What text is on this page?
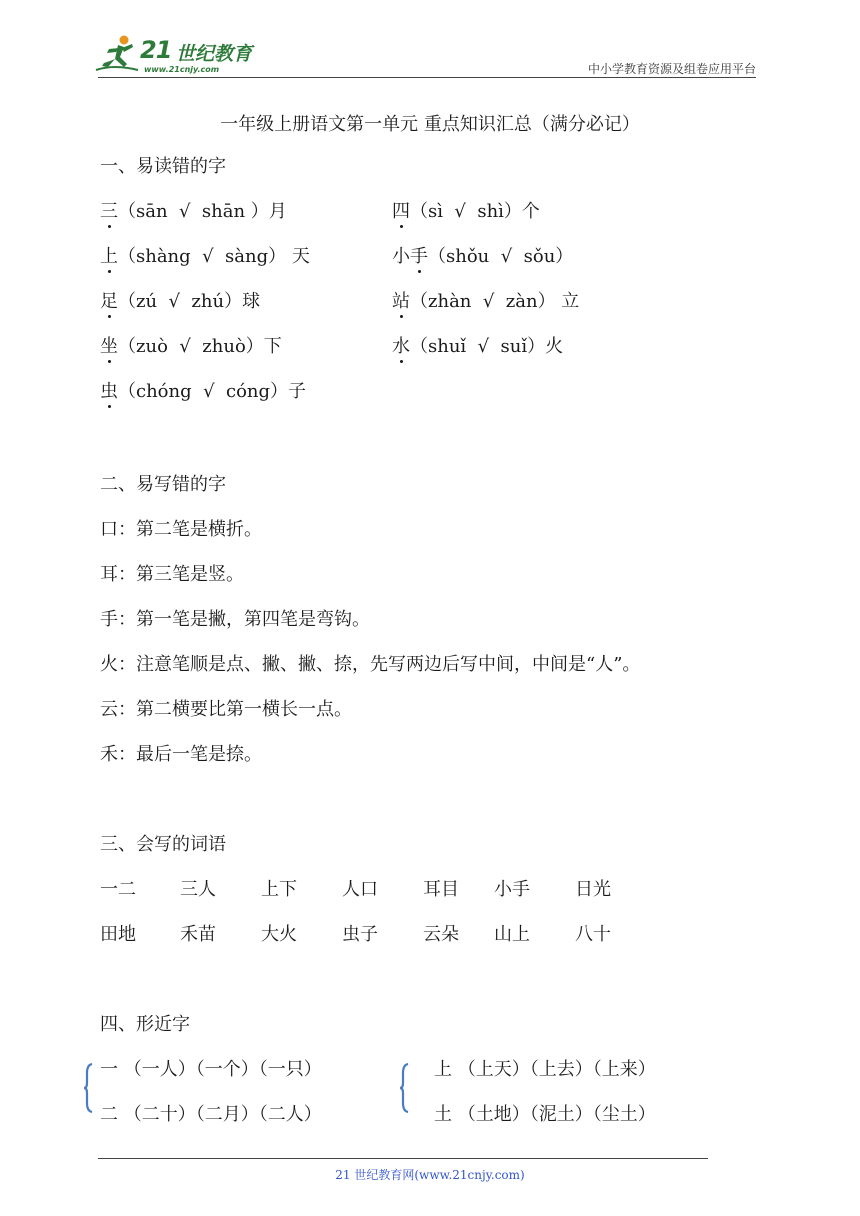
21 世纪教育
www.21cnjy.com	中小学教育资源及组卷应用平台
一年级上册语文第一单元 重点知识汇总（满分必记）
一、易读错的字
三（sān  √  shān ）月	四（sì  √  shì）个
上（shàng  √  sàng） 天	小手（shǒu  √  sǒu）
足（zú  √  zhú）球	站（zhàn  √  zàn） 立
坐（zuò  √  zhuò）下	水（shuǐ  √  suǐ）火
虫（chóng  √  cóng）子
二、易写错的字
口：第二笔是横折。
耳：第三笔是竖。
手：第一笔是撇，第四笔是弯钩。
火：注意笔顺是点、撇、撇、捺，先写两边后写中间，中间是“人”。
云：第二横要比第一横长一点。
禾：最后一笔是捺。
三、会写的词语
一二 三人	上下	人口	耳目 小手	日光
田地 禾苗	大火	虫子	云朵 山上	八十
四、形近字
一 （一人）（一个）（一只）
二 （二十）（二月）（二人）
上 （上天）（上去）（上来）
土 （土地）（泥土）（尘土）
21 世纪教育网(www.21cnjy.com)
